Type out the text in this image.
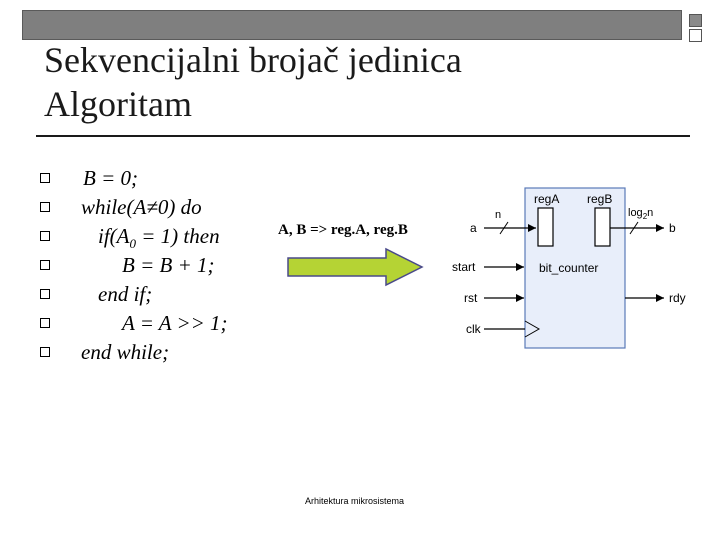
Sekvencijalni brojač jedinica
Algoritam
B = 0;
while(A≠0) do
$if(A_0 = 1)$ then
B = B + 1;
end if;
A = A >> 1;
end while;
A, B => reg.A, reg.B
regA regB
bit_counter
n
a
start
rst
clk
$\log_2n$
b
rdy
Arhitektura mikrosistema
